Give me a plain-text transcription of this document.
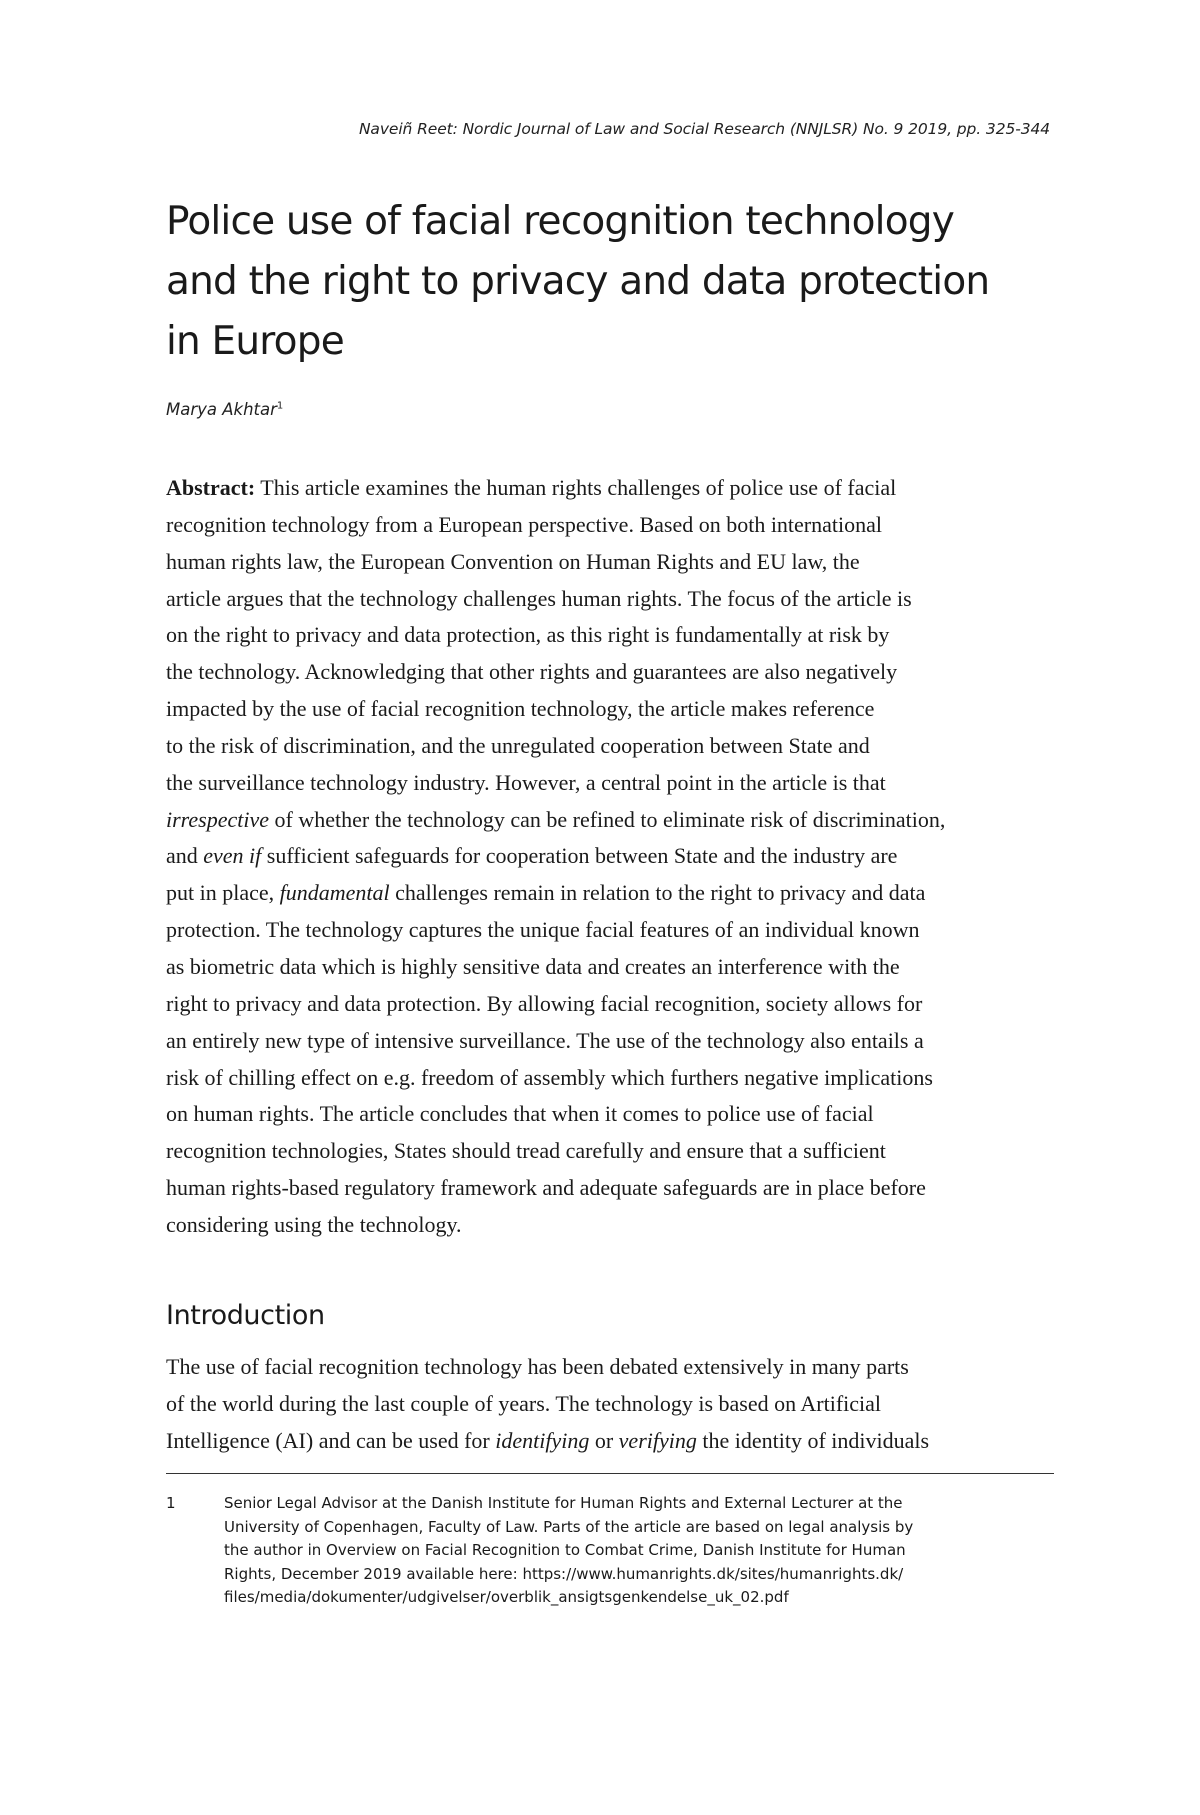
Naveiñ Reet: Nordic Journal of Law and Social Research (NNJLSR) No. 9 2019, pp. 325-344
Police use of facial recognition technology
and the right to privacy and data protection
in Europe
Marya Akhtar$^1$
Abstract: This article examines the human rights challenges of police use of facial
recognition technology from a European perspective. Based on both international
human rights law, the European Convention on Human Rights and EU law, the
article argues that the technology challenges human rights. The focus of the article is
on the right to privacy and data protection, as this right is fundamentally at risk by
the technology. Acknowledging that other rights and guarantees are also negatively
impacted by the use of facial recognition technology, the article makes reference
to the risk of discrimination, and the unregulated cooperation between State and
the surveillance technology industry. However, a central point in the article is that
irrespective of whether the technology can be refined to eliminate risk of discrimination,
and even if sufficient safeguards for cooperation between State and the industry are
put in place, fundamental challenges remain in relation to the right to privacy and data
protection. The technology captures the unique facial features of an individual known
as biometric data which is highly sensitive data and creates an interference with the
right to privacy and data protection. By allowing facial recognition, society allows for
an entirely new type of intensive surveillance. The use of the technology also entails a
risk of chilling effect on e.g. freedom of assembly which furthers negative implications
on human rights. The article concludes that when it comes to police use of facial
recognition technologies, States should tread carefully and ensure that a sufficient
human rights-based regulatory framework and adequate safeguards are in place before
considering using the technology.
Introduction
The use of facial recognition technology has been debated extensively in many parts
of the world during the last couple of years. The technology is based on Artificial
Intelligence (AI) and can be used for identifying or verifying the identity of individuals
1	Senior Legal Advisor at the Danish Institute for Human Rights and External Lecturer at the
University of Copenhagen, Faculty of Law. Parts of the article are based on legal analysis by
the author in Overview on Facial Recognition to Combat Crime, Danish Institute for Human
Rights, December 2019 available here: https://www.humanrights.dk/sites/humanrights.dk/
files/media/dokumenter/udgivelser/overblik_ansigtsgenkendelse_uk_02.pdf
